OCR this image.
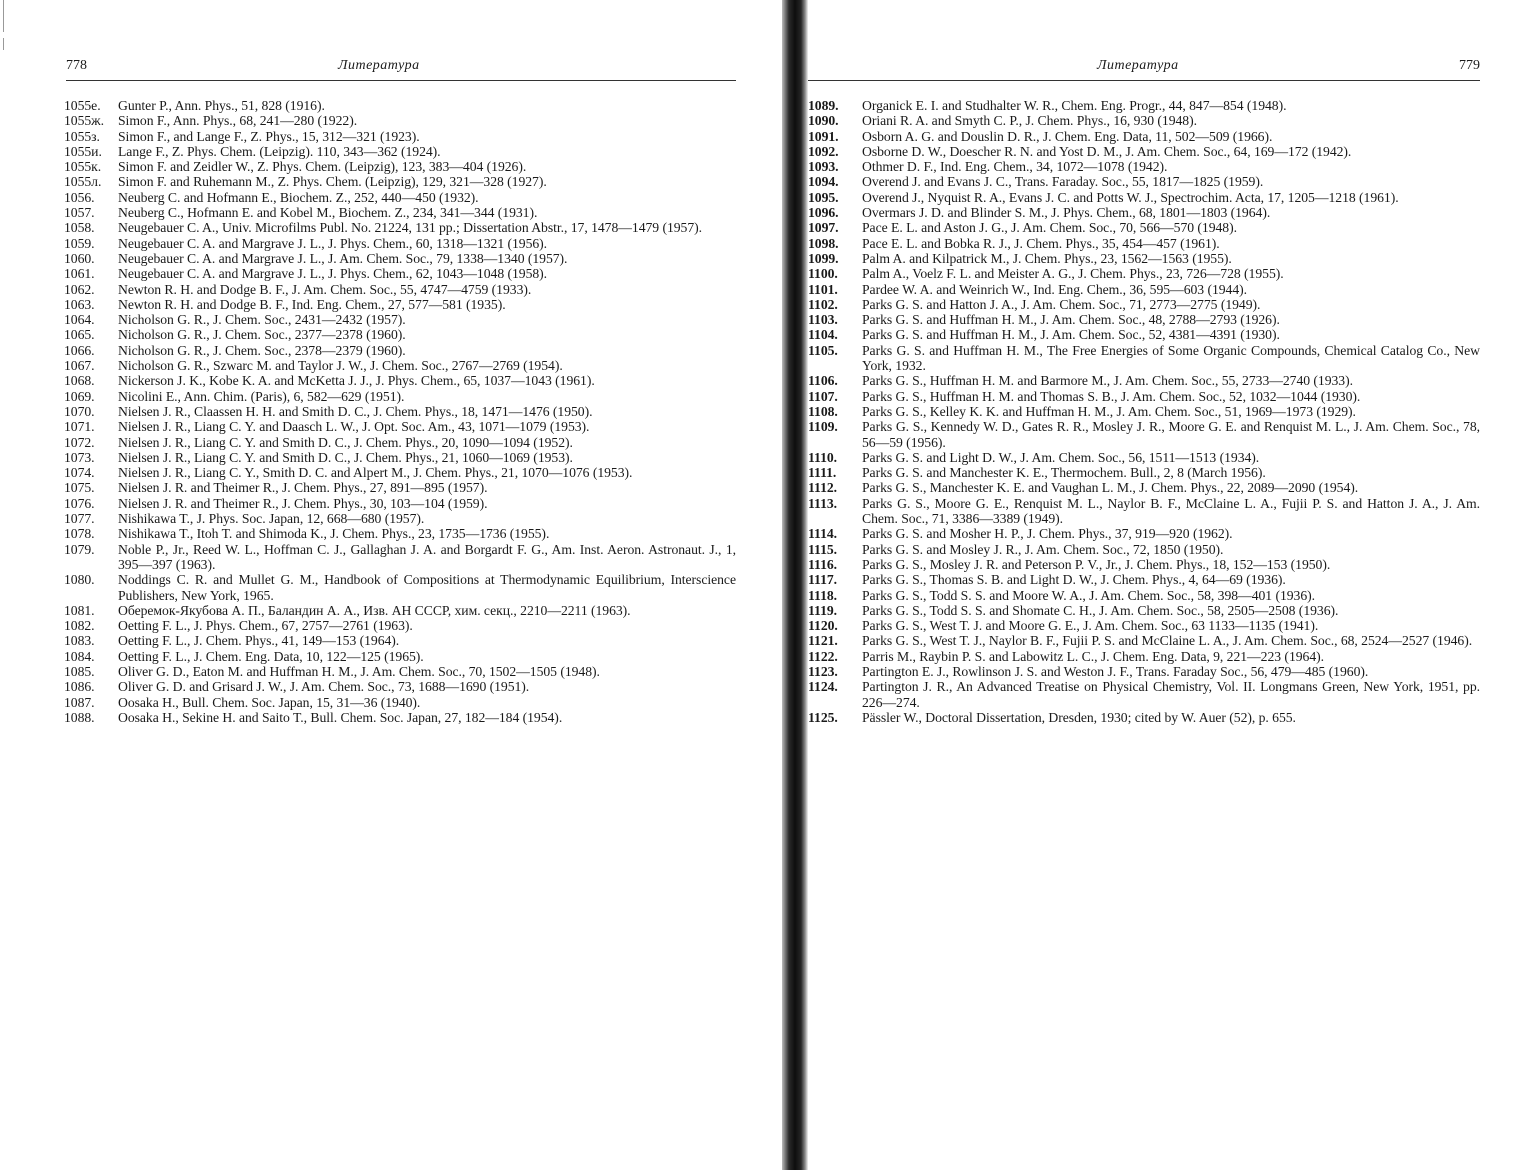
778	Литература
1055е.	Gunter P., Ann. Phys., 51, 828 (1916).
1055ж.	Simon F., Ann. Phys., 68, 241—280 (1922).
1055з.	Simon F., and Lange F., Z. Phys., 15, 312—321 (1923).
1055и.	Lange F., Z. Phys. Chem. (Leipzig). 110, 343—362 (1924).
1055к.	Simon F. and Zeidler W., Z. Phys. Chem. (Leipzig), 123, 383—404 (1926).
1055л.	Simon F. and Ruhemann M., Z. Phys. Chem. (Leipzig), 129, 321—328 (1927).
1056.	Neuberg C. and Hofmann E., Biochem. Z., 252, 440—450 (1932).
1057.	Neuberg C., Hofmann E. and Kobel M., Biochem. Z., 234, 341—344 (1931).
1058.	Neugebauer C. A., Univ. Microfilms Publ. No. 21224, 131 pp.; Dissertation Abstr., 17, 1478—1479 (1957).
1059.	Neugebauer C. A. and Margrave J. L., J. Phys. Chem., 60, 1318—1321 (1956).
1060.	Neugebauer C. A. and Margrave J. L., J. Am. Chem. Soc., 79, 1338—1340 (1957).
1061.	Neugebauer C. A. and Margrave J. L., J. Phys. Chem., 62, 1043—1048 (1958).
1062.	Newton R. H. and Dodge B. F., J. Am. Chem. Soc., 55, 4747—4759 (1933).
1063.	Newton R. H. and Dodge B. F., Ind. Eng. Chem., 27, 577—581 (1935).
1064.	Nicholson G. R., J. Chem. Soc., 2431—2432 (1957).
1065.	Nicholson G. R., J. Chem. Soc., 2377—2378 (1960).
1066.	Nicholson G. R., J. Chem. Soc., 2378—2379 (1960).
1067.	Nicholson G. R., Szwarc M. and Taylor J. W., J. Chem. Soc., 2767—2769 (1954).
1068.	Nickerson J. K., Kobe K. A. and McKetta J. J., J. Phys. Chem., 65, 1037—1043 (1961).
1069.	Nicolini E., Ann. Chim. (Paris), 6, 582—629 (1951).
1070.	Nielsen J. R., Claassen H. H. and Smith D. C., J. Chem. Phys., 18, 1471—1476 (1950).
1071.	Nielsen J. R., Liang C. Y. and Daasch L. W., J. Opt. Soc. Am., 43, 1071—1079 (1953).
1072.	Nielsen J. R., Liang C. Y. and Smith D. C., J. Chem. Phys., 20, 1090—1094 (1952).
1073.	Nielsen J. R., Liang C. Y. and Smith D. C., J. Chem. Phys., 21, 1060—1069 (1953).
1074.	Nielsen J. R., Liang C. Y., Smith D. C. and Alpert M., J. Chem. Phys., 21, 1070—1076 (1953).
1075.	Nielsen J. R. and Theimer R., J. Chem. Phys., 27, 891—895 (1957).
1076.	Nielsen J. R. and Theimer R., J. Chem. Phys., 30, 103—104 (1959).
1077.	Nishikawa T., J. Phys. Soc. Japan, 12, 668—680 (1957).
1078.	Nishikawa T., Itoh T. and Shimoda K., J. Chem. Phys., 23, 1735—1736 (1955).
1079.	Noble P., Jr., Reed W. L., Hoffman C. J., Gallaghan J. A. and Borgardt F. G., Am. Inst. Aeron. Astronaut. J., 1, 395—397 (1963).
1080.	Noddings C. R. and Mullet G. M., Handbook of Compositions at Thermodynamic Equilibrium, Interscience Publishers, New York, 1965.
1081.	Оберемок-Якубова А. П., Баландин А. А., Изв. АН СССР, хим. секц., 2210—2211 (1963).
1082.	Oetting F. L., J. Phys. Chem., 67, 2757—2761 (1963).
1083.	Oetting F. L., J. Chem. Phys., 41, 149—153 (1964).
1084.	Oetting F. L., J. Chem. Eng. Data, 10, 122—125 (1965).
1085.	Oliver G. D., Eaton M. and Huffman H. M., J. Am. Chem. Soc., 70, 1502—1505 (1948).
1086.	Oliver G. D. and Grisard J. W., J. Am. Chem. Soc., 73, 1688—1690 (1951).
1087.	Oosaka H., Bull. Chem. Soc. Japan, 15, 31—36 (1940).
1088.	Oosaka H., Sekine H. and Saito T., Bull. Chem. Soc. Japan, 27, 182—184 (1954).
Литература	779
1089.	Organick E. I. and Studhalter W. R., Chem. Eng. Progr., 44, 847—854 (1948).
1090.	Oriani R. A. and Smyth C. P., J. Chem. Phys., 16, 930 (1948).
1091.	Osborn A. G. and Douslin D. R., J. Chem. Eng. Data, 11, 502—509 (1966).
1092.	Osborne D. W., Doescher R. N. and Yost D. M., J. Am. Chem. Soc., 64, 169—172 (1942).
1093.	Othmer D. F., Ind. Eng. Chem., 34, 1072—1078 (1942).
1094.	Overend J. and Evans J. C., Trans. Faraday. Soc., 55, 1817—1825 (1959).
1095.	Overend J., Nyquist R. A., Evans J. C. and Potts W. J., Spectrochim. Acta, 17, 1205—1218 (1961).
1096.	Overmars J. D. and Blinder S. M., J. Phys. Chem., 68, 1801—1803 (1964).
1097.	Pace E. L. and Aston J. G., J. Am. Chem. Soc., 70, 566—570 (1948).
1098.	Pace E. L. and Bobka R. J., J. Chem. Phys., 35, 454—457 (1961).
1099.	Palm A. and Kilpatrick M., J. Chem. Phys., 23, 1562—1563 (1955).
1100.	Palm A., Voelz F. L. and Meister A. G., J. Chem. Phys., 23, 726—728 (1955).
1101.	Pardee W. A. and Weinrich W., Ind. Eng. Chem., 36, 595—603 (1944).
1102.	Parks G. S. and Hatton J. A., J. Am. Chem. Soc., 71, 2773—2775 (1949).
1103.	Parks G. S. and Huffman H. M., J. Am. Chem. Soc., 48, 2788—2793 (1926).
1104.	Parks G. S. and Huffman H. M., J. Am. Chem. Soc., 52, 4381—4391 (1930).
1105.	Parks G. S. and Huffman H. M., The Free Energies of Some Organic Compounds, Chemical Catalog Co., New York, 1932.
1106.	Parks G. S., Huffman H. M. and Barmore M., J. Am. Chem. Soc., 55, 2733—2740 (1933).
1107.	Parks G. S., Huffman H. M. and Thomas S. B., J. Am. Chem. Soc., 52, 1032—1044 (1930).
1108.	Parks G. S., Kelley K. K. and Huffman H. M., J. Am. Chem. Soc., 51, 1969—1973 (1929).
1109.	Parks G. S., Kennedy W. D., Gates R. R., Mosley J. R., Moore G. E. and Renquist M. L., J. Am. Chem. Soc., 78, 56—59 (1956).
1110.	Parks G. S. and Light D. W., J. Am. Chem. Soc., 56, 1511—1513 (1934).
1111.	Parks G. S. and Manchester K. E., Thermochem. Bull., 2, 8 (March 1956).
1112.	Parks G. S., Manchester K. E. and Vaughan L. M., J. Chem. Phys., 22, 2089—2090 (1954).
1113.	Parks G. S., Moore G. E., Renquist M. L., Naylor B. F., McClaine L. A., Fujii P. S. and Hatton J. A., J. Am. Chem. Soc., 71, 3386—3389 (1949).
1114.	Parks G. S. and Mosher H. P., J. Chem. Phys., 37, 919—920 (1962).
1115.	Parks G. S. and Mosley J. R., J. Am. Chem. Soc., 72, 1850 (1950).
1116.	Parks G. S., Mosley J. R. and Peterson P. V., Jr., J. Chem. Phys., 18, 152—153 (1950).
1117.	Parks G. S., Thomas S. B. and Light D. W., J. Chem. Phys., 4, 64—69 (1936).
1118.	Parks G. S., Todd S. S. and Moore W. A., J. Am. Chem. Soc., 58, 398—401 (1936).
1119.	Parks G. S., Todd S. S. and Shomate C. H., J. Am. Chem. Soc., 58, 2505—2508 (1936).
1120.	Parks G. S., West T. J. and Moore G. E., J. Am. Chem. Soc., 63 1133—1135 (1941).
1121.	Parks G. S., West T. J., Naylor B. F., Fujii P. S. and McClaine L. A., J. Am. Chem. Soc., 68, 2524—2527 (1946).
1122.	Parris M., Raybin P. S. and Labowitz L. C., J. Chem. Eng. Data, 9, 221—223 (1964).
1123.	Partington E. J., Rowlinson J. S. and Weston J. F., Trans. Faraday Soc., 56, 479—485 (1960).
1124.	Partington J. R., An Advanced Treatise on Physical Chemistry, Vol. II. Longmans Green, New York, 1951, pp. 226—274.
1125.	Pässler W., Doctoral Dissertation, Dresden, 1930; cited by W. Auer (52), p. 655.
